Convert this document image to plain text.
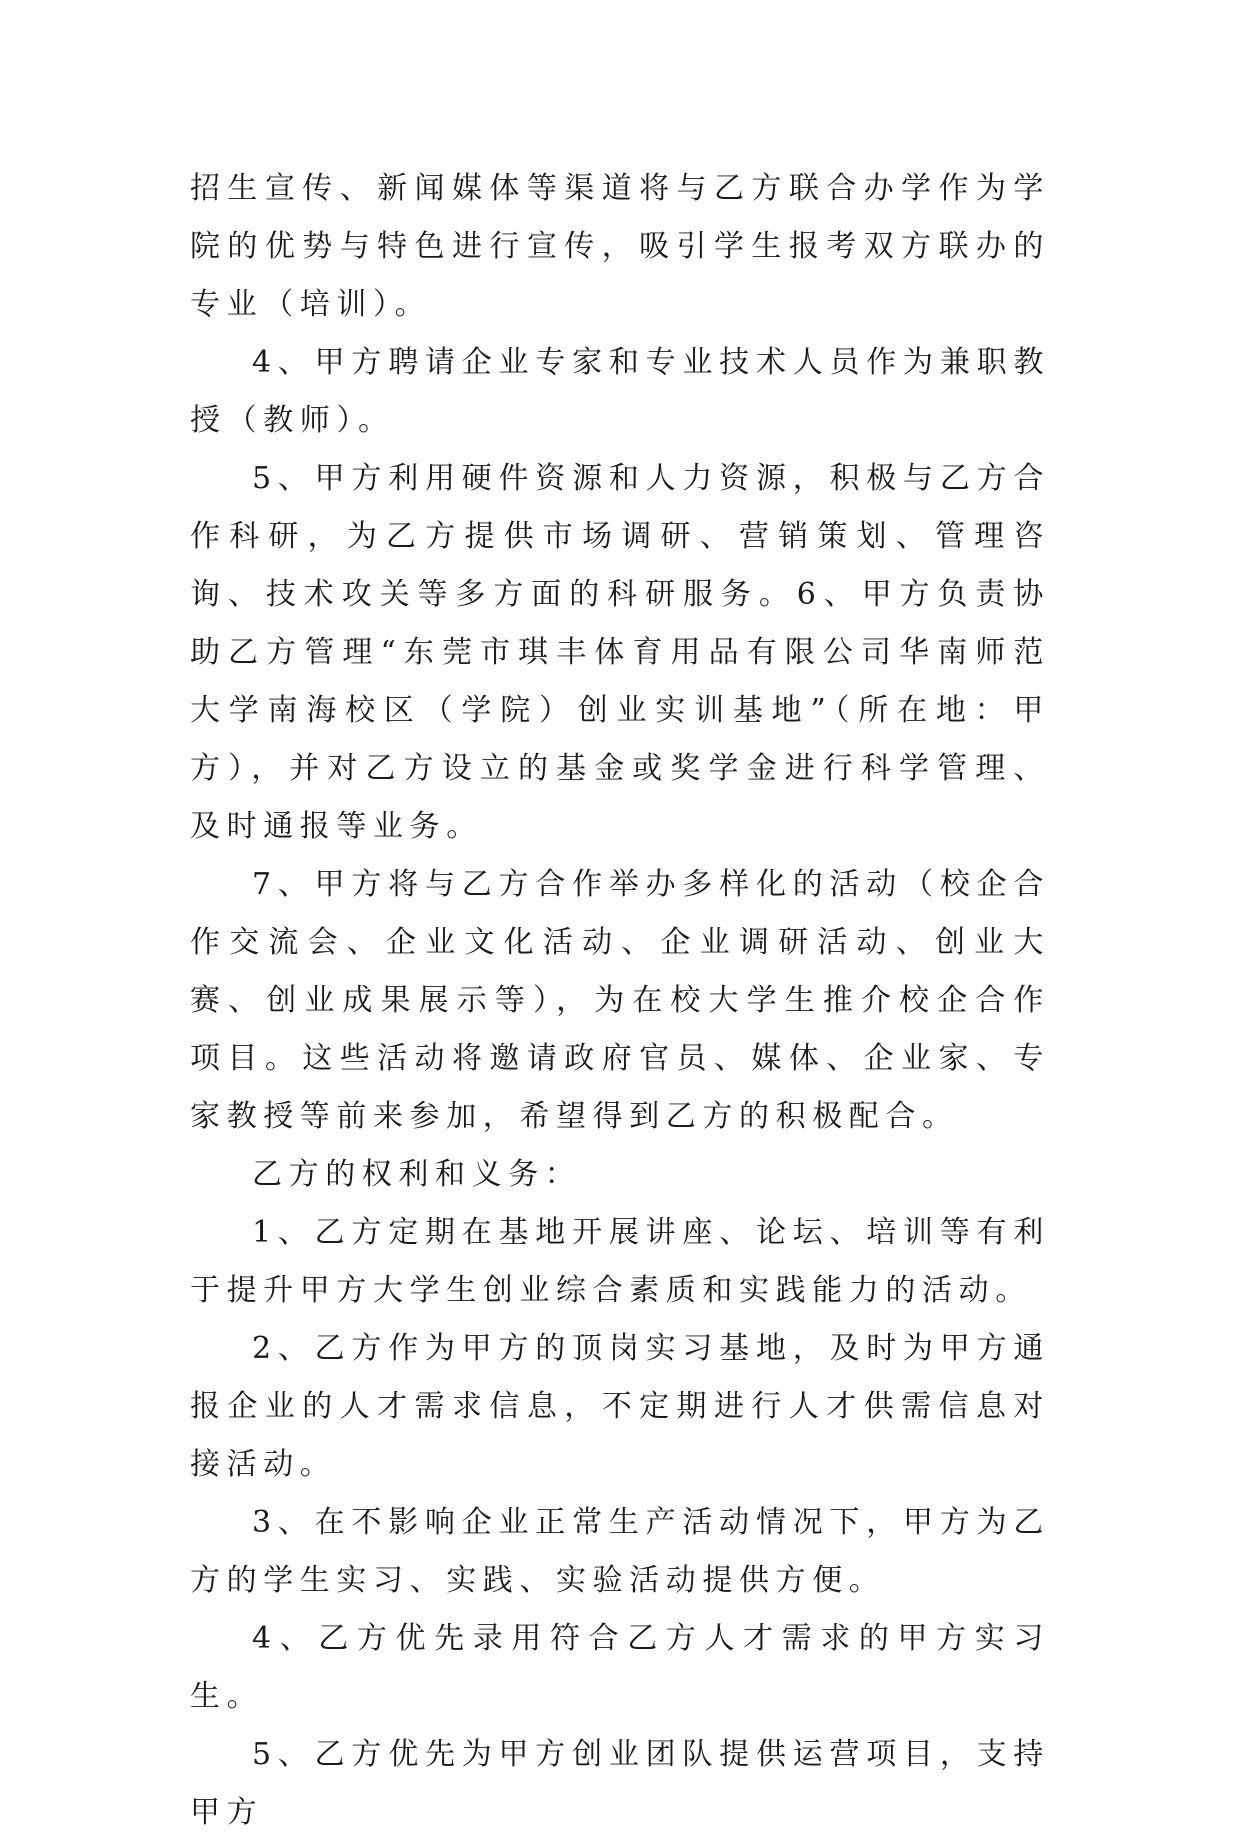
招生宣传、新闻媒体等渠道将与乙方联合办学作为学院的优势与特色进行宣传，吸引学生报考双方联办的专业（培训）。

4、甲方聘请企业专家和专业技术人员作为兼职教授（教师）。

5、甲方利用硬件资源和人力资源，积极与乙方合作科研，为乙方提供市场调研、营销策划、管理咨询、技术攻关等多方面的科研服务。6、甲方负责协助乙方管理“东莞市琪丰体育用品有限公司华南师范大学南海校区（学院）创业实训基地”（所在地：甲方），并对乙方设立的基金或奖学金进行科学管理、及时通报等业务。

7、甲方将与乙方合作举办多样化的活动（校企合作交流会、企业文化活动、企业调研活动、创业大赛、创业成果展示等），为在校大学生推介校企合作项目。这些活动将邀请政府官员、媒体、企业家、专家教授等前来参加，希望得到乙方的积极配合。

乙方的权利和义务：

1、乙方定期在基地开展讲座、论坛、培训等有利于提升甲方大学生创业综合素质和实践能力的活动。

2、乙方作为甲方的顶岗实习基地，及时为甲方通报企业的人才需求信息，不定期进行人才供需信息对接活动。

3、在不影响企业正常生产活动情况下，甲方为乙方的学生实习、实践、实验活动提供方便。

4、乙方优先录用符合乙方人才需求的甲方实习生。

5、乙方优先为甲方创业团队提供运营项目，支持甲方
